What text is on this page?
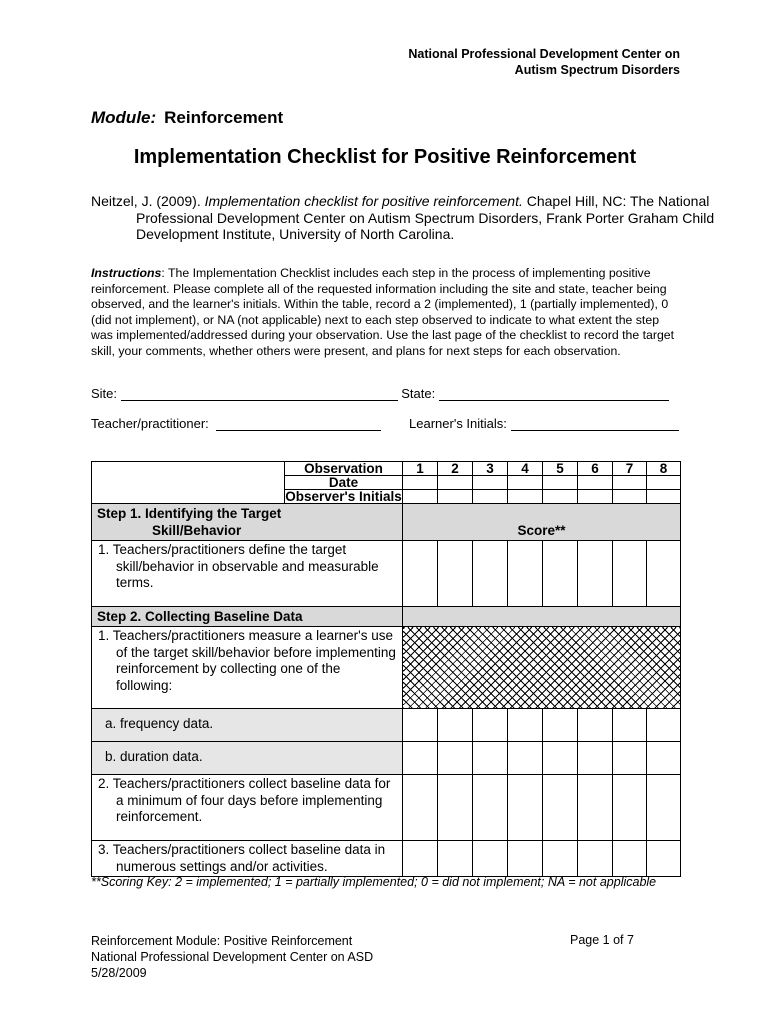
National Professional Development Center on
Autism Spectrum Disorders
Module: Reinforcement
Implementation Checklist for Positive Reinforcement
Neitzel, J. (2009). Implementation checklist for positive reinforcement. Chapel Hill, NC: The National Professional Development Center on Autism Spectrum Disorders, Frank Porter Graham Child Development Institute, University of North Carolina.
Instructions: The Implementation Checklist includes each step in the process of implementing positive reinforcement. Please complete all of the requested information including the site and state, teacher being observed, and the learner's initials. Within the table, record a 2 (implemented), 1 (partially implemented), 0 (did not implement), or NA (not applicable) next to each step observed to indicate to what extent the step was implemented/addressed during your observation. Use the last page of the checklist to record the target skill, your comments, whether others were present, and plans for next steps for each observation.
Site:	State:
Teacher/practitioner:	Learner's Initials:
	Observation	1	2	3	4	5	6	7	8
	Date								
	Observer's Initials								

Step 1. Identifying the Target
Skill/Behavior		Score**							
1. Teachers/practitioners define the target skill/behavior in observable and measurable terms.									
Step 2. Collecting Baseline Data									
1. Teachers/practitioners measure a learner's use of the target skill/behavior before implementing reinforcement by collecting one of the following:									
a. frequency data.									
b. duration data.									
2. Teachers/practitioners collect baseline data for a minimum of four days before implementing reinforcement.									
3. Teachers/practitioners collect baseline data in numerous settings and/or activities.									
**Scoring Key: 2 = implemented; 1 = partially implemented; 0 = did not implement; NA = not applicable
Reinforcement Module: Positive Reinforcement
National Professional Development Center on ASD
5/28/2009
Page 1 of 7
